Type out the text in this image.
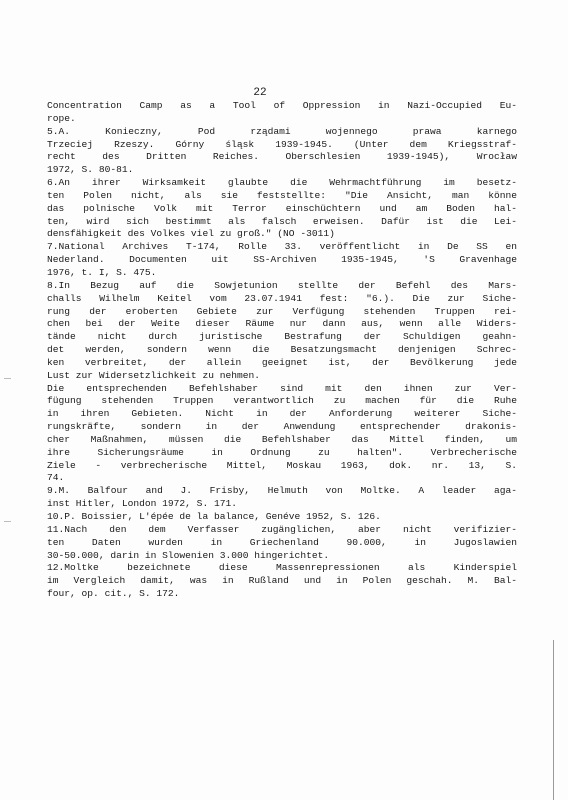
22
Concentration Camp as a Tool of Oppression in Nazi-Occupied Eu-
rope.
5.A.   Konieczny,   Pod   rządami   wojennego   prawa   karnego
Trzeciej Rzeszy. Górny śląsk 1939-1945. (Unter dem Kriegsstraf-
recht des Dritten Reiches. Oberschlesien 1939-1945), Wrocław
1972, S. 80-81.
6.An ihrer Wirksamkeit glaubte die Wehrmachtführung im besetz-
ten Polen nicht, als sie feststellte: "Die Ansicht, man könne
das polnische Volk mit Terror einschüchtern und am Boden hal-
ten, wird sich bestimmt als falsch erweisen. Dafür ist die Lei-
densfähigkeit des Volkes viel zu groß." (NO -3011)
7.National Archives T-174, Rolle 33. veröffentlicht in De SS en
Nederland. Documenten uit SS-Archiven 1935-1945, 'S Gravenhage
1976, t. I, S. 475.
8.In Bezug auf die Sowjetunion stellte der Befehl des Mars-
challs Wilhelm Keitel vom 23.07.1941 fest: "6.). Die zur Siche-
rung der eroberten Gebiete zur Verfügung stehenden Truppen rei-
chen bei der Weite dieser Räume nur dann aus, wenn alle Widers-
tände nicht durch juristische Bestrafung der Schuldigen geahn-
det werden, sondern wenn die Besatzungsmacht denjenigen Schrec-
ken verbreitet, der allein geeignet ist, der Bevölkerung jede
Lust zur Widersetzlichkeit zu nehmen.
Die entsprechenden Befehlshaber sind mit den ihnen zur Ver-
fügung stehenden Truppen verantwortlich zu machen für die Ruhe
in ihren Gebieten. Nicht in der Anforderung weiterer Siche-
rungskräfte, sondern in der Anwendung entsprechender drakonis-
cher Maßnahmen, müssen die Befehlshaber das Mittel finden, um
ihre Sicherungsräume in Ordnung zu halten". Verbrecherische
Ziele - verbrecherische Mittel, Moskau 1963, dok. nr. 13, S.
74.
9.M. Balfour and J. Frisby, Helmuth von Moltke. A leader aga-
inst Hitler, London 1972, S. 171.
10.P. Boissier, L'épée de la balance, Genéve 1952, S. 126.
11.Nach den dem Verfasser zugänglichen, aber nicht verifizier-
ten Daten wurden in Griechenland 90.000, in Jugoslawien
30-50.000, darin in Slowenien 3.000 hingerichtet.
12.Moltke bezeichnete diese Massenrepressionen als Kinderspiel
im Vergleich damit, was in Rußland und in Polen geschah. M. Bal-
four, op. cit., S. 172.
